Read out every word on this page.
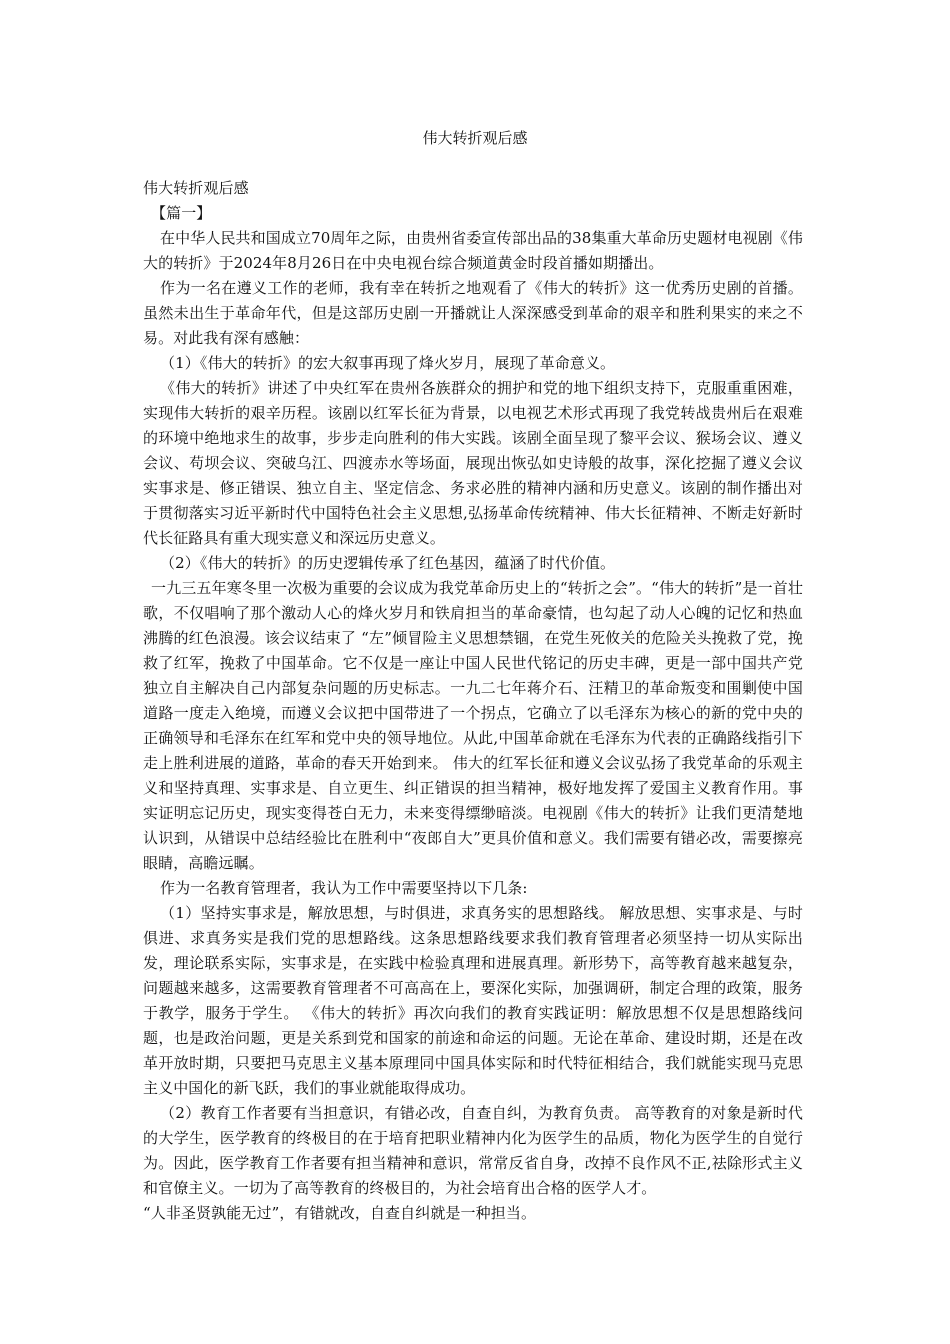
伟大转折观后感

伟大转折观后感

【篇一】

在中华人民共和国成立70周年之际，由贵州省委宣传部出品的38集重大革命历史题材电视剧《伟大的转折》于2024年8月26日在中央电视台综合频道黄金时段首播如期播出。

作为一名在遵义工作的老师，我有幸在转折之地观看了《伟大的转折》这一优秀历史剧的首播。虽然未出生于革命年代，但是这部历史剧一开播就让人深深感受到革命的艰辛和胜利果实的来之不易。对此我有深有感触：

（1）《伟大的转折》的宏大叙事再现了烽火岁月，展现了革命意义。

《伟大的转折》讲述了中央红军在贵州各族群众的拥护和党的地下组织支持下，克服重重困难，实现伟大转折的艰辛历程。该剧以红军长征为背景，以电视艺术形式再现了我党转战贵州后在艰难的环境中绝地求生的故事，步步走向胜利的伟大实践。该剧全面呈现了黎平会议、猴场会议、遵义会议、苟坝会议、突破乌江、四渡赤水等场面，展现出恢弘如史诗般的故事，深化挖掘了遵义会议实事求是、修正错误、独立自主、坚定信念、务求必胜的精神内涵和历史意义。该剧的制作播出对于贯彻落实习近平新时代中国特色社会主义思想,弘扬革命传统精神、伟大长征精神、不断走好新时代长征路具有重大现实意义和深远历史意义。

（2）《伟大的转折》的历史逻辑传承了红色基因，蕴涵了时代价值。

一九三五年寒冬里一次极为重要的会议成为我党革命历史上的“转折之会”。“伟大的转折”是一首壮歌，不仅唱响了那个激动人心的烽火岁月和铁肩担当的革命豪情，也勾起了动人心魄的记忆和热血沸腾的红色浪漫。该会议结束了 “左”倾冒险主义思想禁锢，在党生死攸关的危险关头挽救了党，挽救了红军，挽救了中国革命。它不仅是一座让中国人民世代铭记的历史丰碑，更是一部中国共产党独立自主解决自己内部复杂问题的历史标志。一九二七年蒋介石、汪精卫的革命叛变和围剿使中国道路一度走入绝境，而遵义会议把中国带进了一个拐点，它确立了以毛泽东为核心的新的党中央的正确领导和毛泽东在红军和党中央的领导地位。从此,中国革命就在毛泽东为代表的正确路线指引下走上胜利进展的道路，革命的春天开始到来。 伟大的红军长征和遵义会议弘扬了我党革命的乐观主义和坚持真理、实事求是、自立更生、纠正错误的担当精神，极好地发挥了爱国主义教育作用。事实证明忘记历史，现实变得苍白无力，未来变得缥缈暗淡。电视剧《伟大的转折》让我们更清楚地认识到，从错误中总结经验比在胜利中“夜郎自大”更具价值和意义。我们需要有错必改，需要擦亮眼睛，高瞻远瞩。

作为一名教育管理者，我认为工作中需要坚持以下几条:

（1）坚持实事求是，解放思想，与时俱进，求真务实的思想路线。 解放思想、实事求是、与时俱进、求真务实是我们党的思想路线。这条思想路线要求我们教育管理者必须坚持一切从实际出发，理论联系实际，实事求是，在实践中检验真理和进展真理。新形势下，高等教育越来越复杂，问题越来越多，这需要教育管理者不可高高在上，要深化实际，加强调研，制定合理的政策，服务于教学，服务于学生。 《伟大的转折》再次向我们的教育实践证明：解放思想不仅是思想路线问题，也是政治问题，更是关系到党和国家的前途和命运的问题。无论在革命、建设时期，还是在改革开放时期，只要把马克思主义基本原理同中国具体实际和时代特征相结合，我们就能实现马克思主义中国化的新飞跃，我们的事业就能取得成功。

（2）教育工作者要有当担意识，有错必改，自查自纠，为教育负责。 高等教育的对象是新时代的大学生，医学教育的终极目的在于培育把职业精神内化为医学生的品质，物化为医学生的自觉行为。因此，医学教育工作者要有担当精神和意识，常常反省自身，改掉不良作风不正,祛除形式主义和官僚主义。一切为了高等教育的终极目的，为社会培育出合格的医学人才。

“人非圣贤孰能无过”，有错就改，自查自纠就是一种担当。
